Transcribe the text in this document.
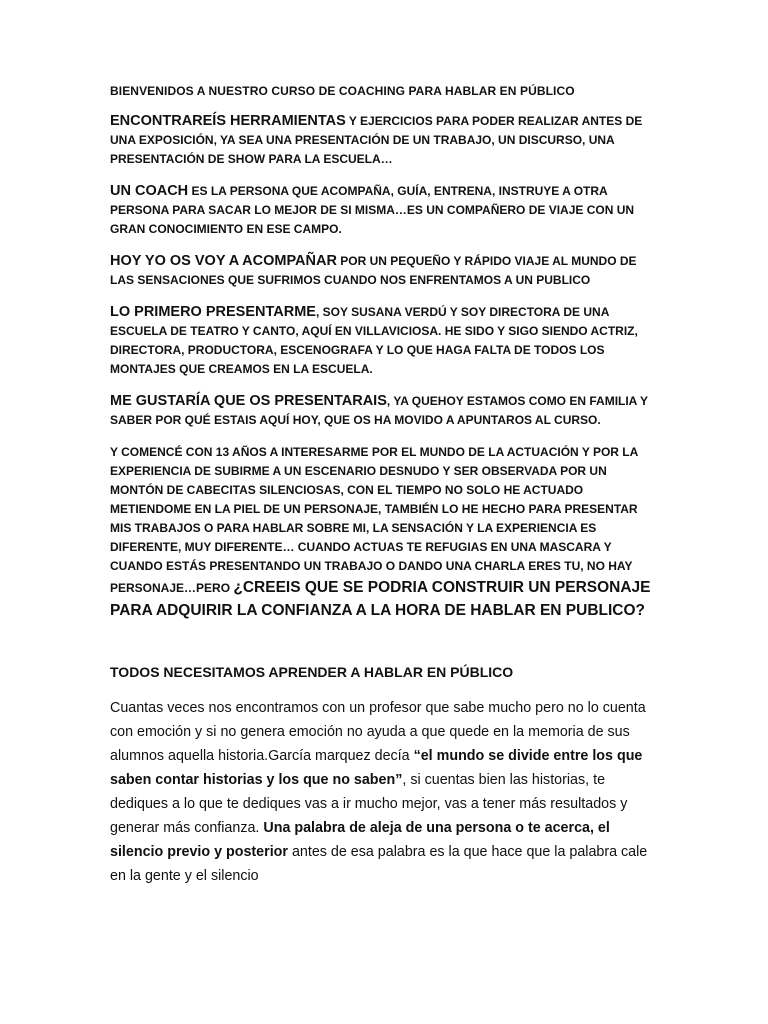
BIENVENIDOS A NUESTRO CURSO DE COACHING PARA HABLAR EN PÚBLICO

ENCONTRAREÍS HERRAMIENTAS Y EJERCICIOS PARA PODER REALIZAR ANTES DE UNA EXPOSICIÓN, YA SEA UNA PRESENTACIÓN DE UN TRABAJO, UN DISCURSO, UNA PRESENTACIÓN DE SHOW PARA LA ESCUELA…

UN COACH ES LA PERSONA QUE ACOMPAÑA, GUÍA, ENTRENA, INSTRUYE A OTRA PERSONA PARA SACAR LO MEJOR DE SI MISMA…ES UN COMPAÑERO DE VIAJE CON UN GRAN CONOCIMIENTO EN ESE CAMPO.

HOY YO OS VOY A ACOMPAÑAR POR UN PEQUEÑO Y RÁPIDO VIAJE AL MUNDO DE LAS SENSACIONES QUE SUFRIMOS CUANDO NOS ENFRENTAMOS A UN PUBLICO

LO PRIMERO PRESENTARME, SOY SUSANA VERDÚ Y SOY DIRECTORA DE UNA ESCUELA DE TEATRO Y CANTO, AQUÍ EN VILLAVICIOSA. HE SIDO Y SIGO SIENDO ACTRIZ, DIRECTORA, PRODUCTORA, ESCENOGRAFA Y LO QUE HAGA FALTA DE TODOS LOS MONTAJES QUE CREAMOS EN LA ESCUELA.

ME GUSTARÍA QUE OS PRESENTARAIS, YA QUEHOY ESTAMOS COMO EN FAMILIA Y SABER POR QUÉ ESTAIS AQUÍ HOY, QUE OS HA MOVIDO A APUNTAROS AL CURSO.

Y COMENCÉ CON 13 AÑOS A INTERESARME POR EL MUNDO DE LA ACTUACIÓN Y POR LA EXPERIENCIA DE SUBIRME A UN ESCENARIO DESNUDO Y SER OBSERVADA POR UN MONTÓN DE CABECITAS SILENCIOSAS, CON EL TIEMPO NO SOLO HE ACTUADO METIENDOME EN LA PIEL DE UN PERSONAJE, TAMBIÉN LO HE HECHO PARA PRESENTAR MIS TRABAJOS O PARA HABLAR SOBRE MI, LA SENSACIÓN Y LA EXPERIENCIA ES DIFERENTE, MUY DIFERENTE… CUANDO ACTUAS TE REFUGIAS EN UNA MASCARA Y CUANDO ESTÁS PRESENTANDO UN TRABAJO O DANDO UNA CHARLA ERES TU, NO HAY PERSONAJE…PERO ¿CREEIS QUE SE PODRIA CONSTRUIR UN PERSONAJE PARA ADQUIRIR LA CONFIANZA A LA HORA DE HABLAR EN PUBLICO?

TODOS NECESITAMOS APRENDER A HABLAR EN PÚBLICO

Cuantas veces nos encontramos con un profesor que sabe mucho pero no lo cuenta con emoción y si no genera emoción no ayuda a que quede en la memoria de sus alumnos aquella historia.García marquez decía “el mundo se divide entre los que saben contar historias y los que no saben”, si cuentas bien las historias, te dediques a lo que te dediques vas a ir mucho mejor, vas a tener más resultados y generar más confianza. Una palabra de aleja de una persona o te acerca, el silencio previo y posterior antes de esa palabra es la que hace que la palabra cale en la gente y el silencio
